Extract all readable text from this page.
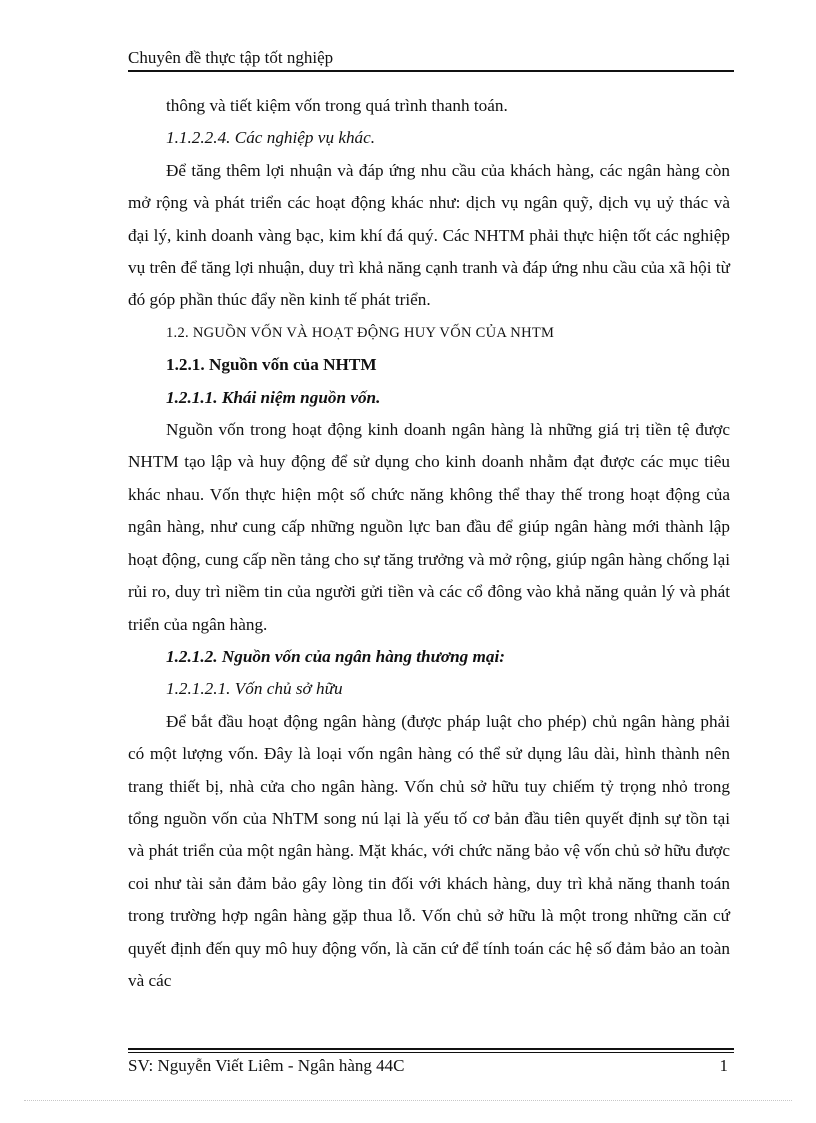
Chuyên đề thực tập tốt nghiệp

thông và tiết kiệm vốn trong quá trình thanh toán.

1.1.2.2.4. Các nghiệp vụ khác.

Để tăng thêm lợi nhuận và đáp ứng nhu cầu của khách hàng, các ngân hàng còn mở rộng và phát triển các hoạt động khác như: dịch vụ ngân quỹ, dịch vụ uỷ thác và đại lý, kinh doanh vàng bạc, kim khí đá quý. Các NHTM phải thực hiện tốt các nghiệp vụ trên để tăng lợi nhuận, duy trì khả năng cạnh tranh và đáp ứng nhu cầu của xã hội từ đó góp phần thúc đẩy nền kinh tế phát triển.

1.2. NGUỒN VỐN VÀ HOẠT ĐỘNG HUY VỐN CỦA NHTM

1.2.1. Nguồn vốn của NHTM

1.2.1.1. Khái niệm nguồn vốn.

Nguồn vốn trong hoạt động kinh doanh ngân hàng là những giá trị tiền tệ được NHTM tạo lập và huy động để sử dụng cho kinh doanh nhằm đạt được các mục tiêu khác nhau. Vốn thực hiện một số chức năng không thể thay thế trong hoạt động của ngân hàng, như cung cấp những nguồn lực ban đầu để giúp ngân hàng mới thành lập hoạt động, cung cấp nền tảng cho sự tăng trưởng và mở rộng, giúp ngân hàng chống lại rủi ro, duy trì niềm tin của người gửi tiền và các cổ đông vào khả năng quản lý và phát triển của ngân hàng.

1.2.1.2. Nguồn vốn của ngân hàng thương mại:

1.2.1.2.1. Vốn chủ sở hữu

Để bắt đầu hoạt động ngân hàng (được pháp luật cho phép) chủ ngân hàng phải có một lượng vốn. Đây là loại vốn ngân hàng có thể sử dụng lâu dài, hình thành nên trang thiết bị, nhà cửa cho ngân hàng. Vốn chủ sở hữu tuy chiếm tỷ trọng nhỏ trong tổng nguồn vốn của NhTM song nú lại là yếu tố cơ bản đầu tiên quyết định sự tồn tại và phát triển của một ngân hàng. Mặt khác, với chức năng bảo vệ vốn chủ sở hữu được coi như tài sản đảm bảo gây lòng tin đối với khách hàng, duy trì khả năng thanh toán trong trường hợp ngân hàng gặp thua lỗ. Vốn chủ sở hữu là một trong những căn cứ quyết định đến quy mô huy động vốn, là căn cứ để tính toán các hệ số đảm bảo an toàn và các

SV: Nguyễn Viết Liêm - Ngân hàng 44C	1
